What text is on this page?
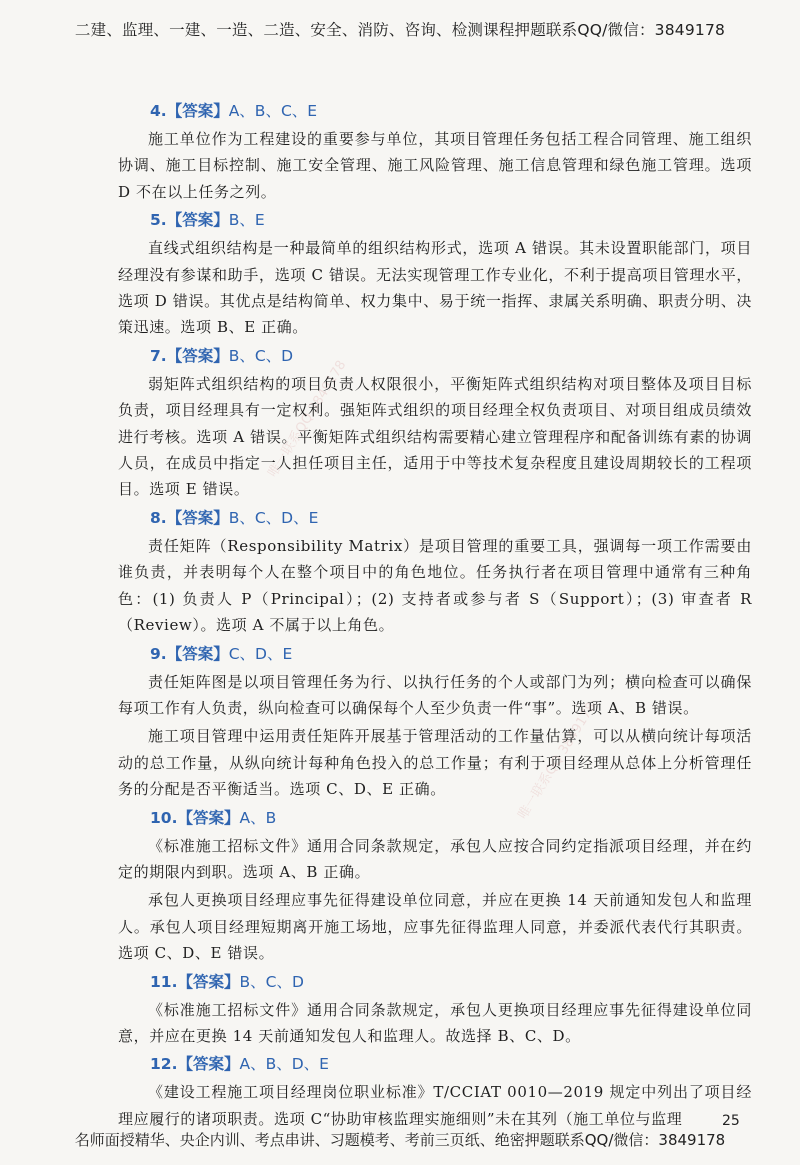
二建、监理、一建、一造、二造、安全、消防、咨询、检测课程押题联系QQ/微信：3849178
唯一联系QQ 3849178
唯一联系QQ 3849178
4.【答案】A、B、C、E
施工单位作为工程建设的重要参与单位，其项目管理任务包括工程合同管理、施工组织协调、施工目标控制、施工安全管理、施工风险管理、施工信息管理和绿色施工管理。选项 D 不在以上任务之列。
5.【答案】B、E
直线式组织结构是一种最简单的组织结构形式，选项 A 错误。其未设置职能部门，项目经理没有参谋和助手，选项 C 错误。无法实现管理工作专业化，不利于提高项目管理水平，选项 D 错误。其优点是结构简单、权力集中、易于统一指挥、隶属关系明确、职责分明、决策迅速。选项 B、E 正确。
7.【答案】B、C、D
弱矩阵式组织结构的项目负责人权限很小，平衡矩阵式组织结构对项目整体及项目目标负责，项目经理具有一定权利。强矩阵式组织的项目经理全权负责项目、对项目组成员绩效进行考核。选项 A 错误。平衡矩阵式组织结构需要精心建立管理程序和配备训练有素的协调人员，在成员中指定一人担任项目主任，适用于中等技术复杂程度且建设周期较长的工程项目。选项 E 错误。
8.【答案】B、C、D、E
责任矩阵（Responsibility Matrix）是项目管理的重要工具，强调每一项工作需要由谁负责，并表明每个人在整个项目中的角色地位。任务执行者在项目管理中通常有三种角色：(1) 负责人 P（Principal）；(2) 支持者或参与者 S（Support）；(3) 审查者 R（Review）。选项 A 不属于以上角色。
9.【答案】C、D、E
责任矩阵图是以项目管理任务为行、以执行任务的个人或部门为列；横向检查可以确保每项工作有人负责，纵向检查可以确保每个人至少负责一件“事”。选项 A、B 错误。
施工项目管理中运用责任矩阵开展基于管理活动的工作量估算，可以从横向统计每项活动的总工作量，从纵向统计每种角色投入的总工作量；有利于项目经理从总体上分析管理任务的分配是否平衡适当。选项 C、D、E 正确。
10.【答案】A、B
《标准施工招标文件》通用合同条款规定，承包人应按合同约定指派项目经理，并在约定的期限内到职。选项 A、B 正确。
承包人更换项目经理应事先征得建设单位同意，并应在更换 14 天前通知发包人和监理人。承包人项目经理短期离开施工场地，应事先征得监理人同意，并委派代表代行其职责。选项 C、D、E 错误。
11.【答案】B、C、D
《标准施工招标文件》通用合同条款规定，承包人更换项目经理应事先征得建设单位同意，并应在更换 14 天前通知发包人和监理人。故选择 B、C、D。
12.【答案】A、B、D、E
《建设工程施工项目经理岗位职业标准》T/CCIAT 0010—2019 规定中列出了项目经理应履行的诸项职责。选项 C“协助审核监理实施细则”未在其列（施工单位与监理	25
名师面授精华、央企内训、考点串讲、习题模考、考前三页纸、绝密押题联系QQ/微信：3849178
